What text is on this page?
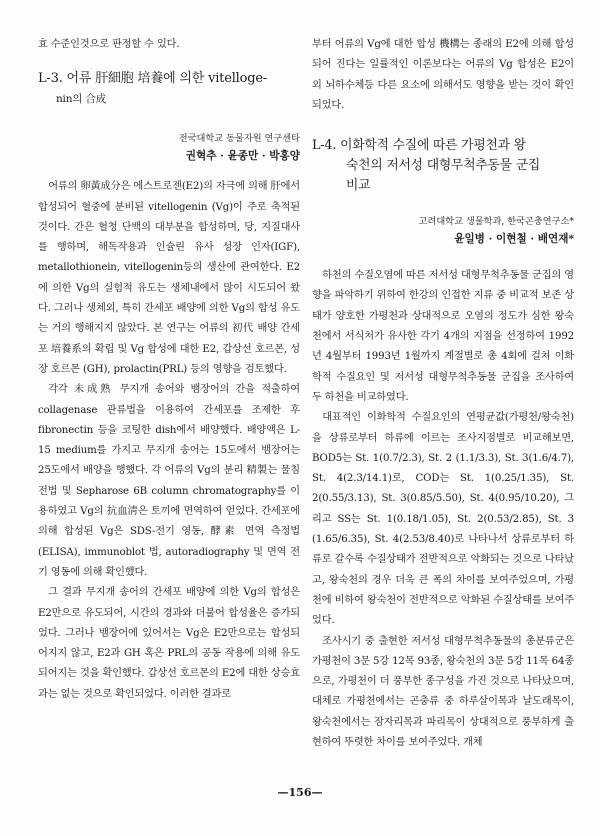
효 수준인것으로 판정할 수 있다.

L-3. 어류 肝細胞 培養에 의한 vitelloge-
nin의 合成
전국대학교 동물자원 연구센타
권혁추 · 윤종만 · 박홍양

어류의 卵黃成分은 에스트로젠(E2)의 자극에 의해 肝에서 합성되어 혈중에 분비된 vitellogenin (Vg)이 주로 축적된 것이다. 간은 혈청 단백의 대부분을 합성하며, 당, 지질대사를 행하며, 해독작용과 인슐린 유사 성장 인자(IGF), metallothionein, vitellogenin등의 생산에 관여한다. E2에 의한 Vg의 실험적 유도는 생체내에서 많이 시도되어 왔다. 그러나 생체외, 특히 간세포 배양에 의한 Vg의 합성 유도는 거의 행해지지 않았다. 본 연구는 어류의 初代 배양 간세포 培養系의 확립 및 Vg 합성에 대한 E2, 갑상선 호르몬, 성장 호르몬 (GH), prolactin(PRL) 등의 영향을 검토했다.

각각 未成熟 무지개 송어와 뱀장어의 간을 적출하여 collagenase 관류법을 이용하여 간세포를 조제한 후 fibronectin 등을 코팅한 dish에서 배양했다. 배양액은 L-15 medium를 가지고 무지개 송어는 15도에서 뱀장어는 25도에서 배양을 행했다. 각 어류의 Vg의 분리 精製는 물침전법 및 Sepharose 6B column chromatography를 이용하였고 Vg의 抗血淸은 토끼에 면역하여 얻었다. 간세포에 의해 합성된 Vg은 SDS-전기 영동, 酵素 면역 측정법(ELISA), immunoblot 법, autoradiography 및 면역 전기 영동에 의해 확인했다.

그 결과 무지개 송어의 간세포 배양에 의한 Vg의 합성은 E2만으로 유도되어, 시간의 경과와 더불어 합성율은 증가되었다. 그러나 뱀장어에 있어서는 Vg은 E2만으로는 합성되어지지 않고, E2과 GH 혹은 PRL의 공동 작용에 의해 유도되어지는 것을 확인했다. 갑상선 호르몬의 E2에 대한 상승효과는 없는 것으로 확인되었다. 이러한 결과로

부터 어류의 Vg에 대한 합성 機構는 종래의 E2에 의해 합성되어 진다는 일률적인 이론보다는 어류의 Vg 합성은 E2이외 뇌하수체등 다른 요소에 의해서도 영향을 받는 것이 확인 되었다.

L-4. 이화학적 수질에 따른 가평천과 왕
숙천의 저서성 대형무척추동물 군집
비교
고려대학교 생물학과, 한국곤충연구소*
윤일병 · 이현철 · 배연재*

하천의 수질오염에 따른 저서성 대형무척추동물 군집의 영향을 파악하기 위하여 한강의 인접한 지류 중 비교적 보존 상태가 양호한 가평천과 상대적으로 오염의 정도가 심한 왕숙천에서 서식처가 유사한 각기 4개의 지점을 선정하여 1992년 4월부터 1993년 1월까지 계절별로 총 4회에 걸쳐 이화학적 수질요인 및 저서성 대형무척추동물 군집을 조사하여 두 하천을 비교하였다.

대표적인 이화학적 수질요인의 연평균값(가평천/왕숙천)을 상류로부터 하류에 이르는 조사지점별로 비교해보면, BOD5는 St. 1(0.7/2.3), St. 2 (1.1/3.3), St. 3(1.6/4.7), St. 4(2.3/14.1)로, COD는 St. 1(0.25/1.35), St. 2(0.55/3.13), St. 3(0.85/5.50), St. 4(0.95/10.20), 그리고 SS는 St. 1(0.18/1.05), St. 2(0.53/2.85), St. 3 (1.65/6.35), St. 4(2.53/8.40)로 나타나서 상류로부터 하류로 갈수록 수질상태가 전반적으로 악화되는 것으로 나타났고, 왕숙천의 경우 더욱 큰 폭의 차이를 보여주었으며, 가평천에 비하여 왕숙천이 전반적으로 악화된 수질상태를 보여주었다.

조사시기 중 출현한 저서성 대형무척추동물의 총분류군은 가평천이 3문 5강 12목 93종, 왕숙천의 3문 5강 11목 64종으로, 가평천이 더 풍부한 종구성을 가진 것으로 나타났으며, 대체로 가평천에서는 곤충류 중 하루살이목과 날도래목이, 왕숙천에서는 잠자리목과 파리목이 상대적으로 풍부하게 출현하여 뚜렷한 차이를 보여주었다. 개체

—156—
